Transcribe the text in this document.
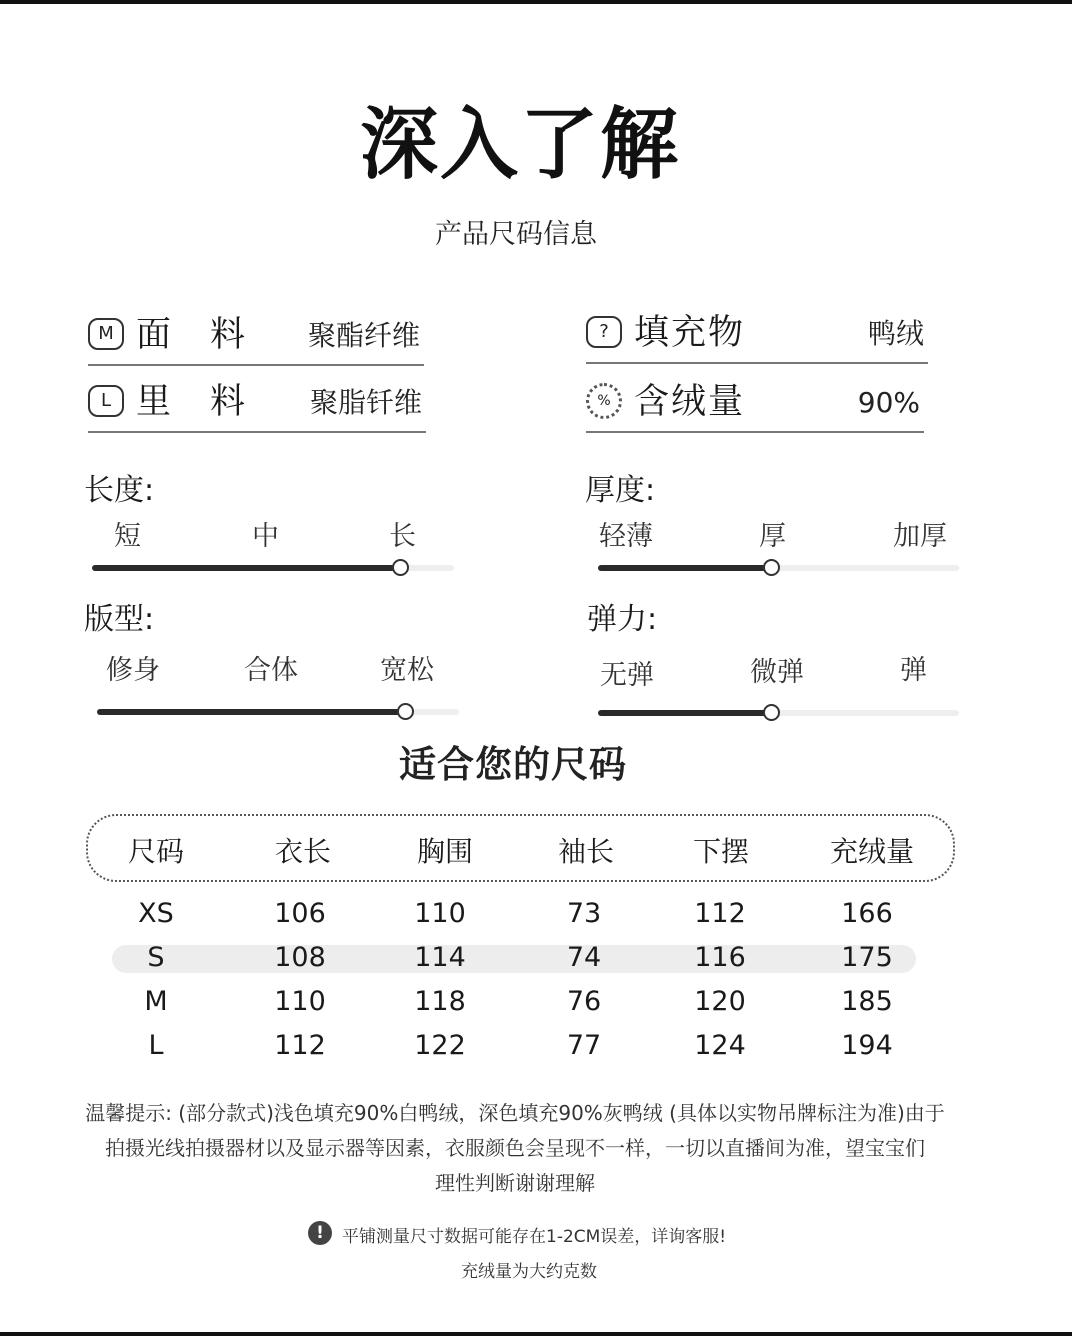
深入了解
产品尺码信息
M 面　料 聚酯纤维
L 里　料 聚脂钎维
? 填充物	鸭绒
% 含绒量	90%
长度:
短	中	长
厚度:
轻薄	厚	加厚
版型:
修身	合体	宽松
弹力:
无弹	微弹	弹
适合您的尺码
尺码	衣长	胸围	袖长	下摆	充绒量
XS	106	110	73	112	166
S	108	114	74	116	175
M	110	118	76	120	185
L	112	122	77	124	194
温馨提示: (部分款式)浅色填充90%白鸭绒，深色填充90%灰鸭绒 (具体以实物吊牌标注为准)由于
拍摄光线拍摄器材以及显示器等因素，衣服颜色会呈现不一样，一切以直播间为准，望宝宝们
理性判断谢谢理解
!	平铺测量尺寸数据可能存在1-2CM误差，详询客服!
充绒量为大约克数
